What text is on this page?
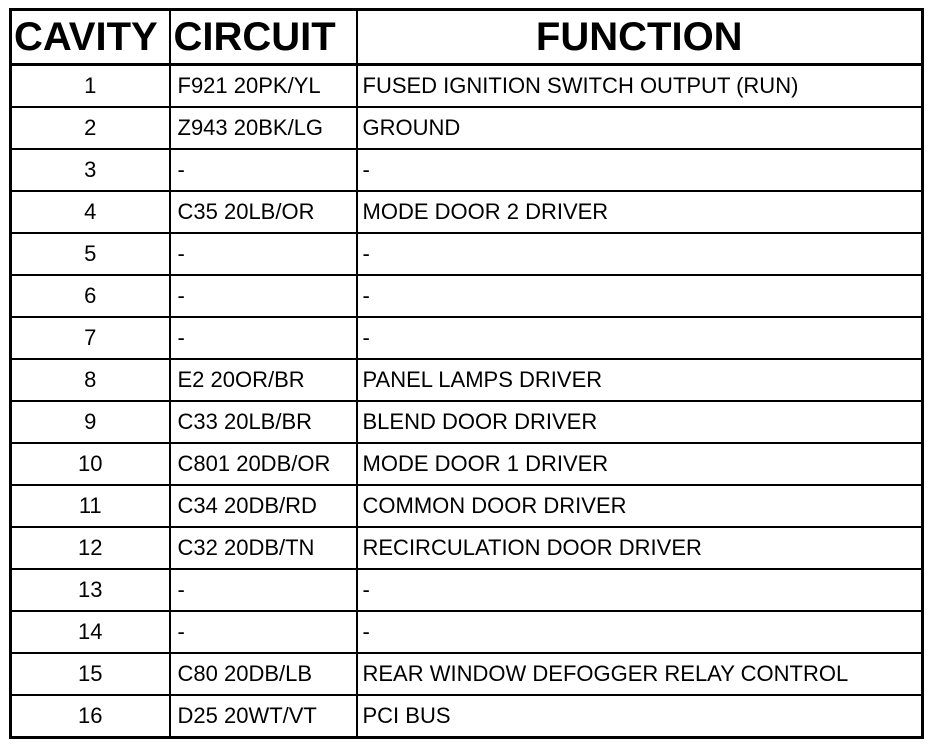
CAVITY	CIRCUIT	FUNCTION
1	F921 20PK/YL	FUSED IGNITION SWITCH OUTPUT (RUN)
2	Z943 20BK/LG	GROUND
3	-	-
4	C35 20LB/OR	MODE DOOR 2 DRIVER
5	-	-
6	-	-
7	-	-
8	E2 20OR/BR	PANEL LAMPS DRIVER
9	C33 20LB/BR	BLEND DOOR DRIVER
10	C801 20DB/OR	MODE DOOR 1 DRIVER
11	C34 20DB/RD	COMMON DOOR DRIVER
12	C32 20DB/TN	RECIRCULATION DOOR DRIVER
13	-	-
14	-	-
15	C80 20DB/LB	REAR WINDOW DEFOGGER RELAY CONTROL
16	D25 20WT/VT	PCI BUS
